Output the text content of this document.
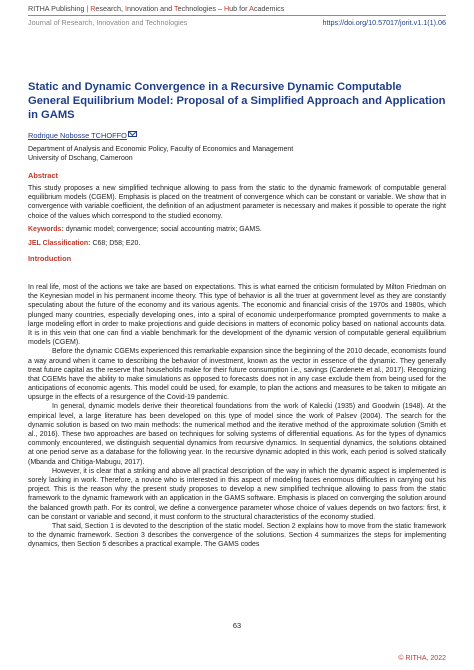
RITHA Publishing | Research, Innovation and Technologies – Hub for Academics
Journal of Research, Innovation and Technologies	https://doi.org/10.57017/jorit.v1.1(1).06
Static and Dynamic Convergence in a Recursive Dynamic Computable General Equilibrium Model: Proposal of a Simplified Approach and Application in GAMS
Rodrigue Nobosse TCHOFFO
Department of Analysis and Economic Policy, Faculty of Economics and Management
University of Dschang, Cameroon
Abstract
This study proposes a new simplified technique allowing to pass from the static to the dynamic framework of computable general equilibrium models (CGEM). Emphasis is placed on the treatment of convergence which can be constant or variable. We show that in convergence with variable coefficient, the definition of an adjustment parameter is necessary and makes it possible to operate the right choice of the values which correspond to the studied economy.
Keywords: dynamic model; convergence; social accounting matrix; GAMS.
JEL Classification: C68; D58; E20.
Introduction

In real life, most of the actions we take are based on expectations. This is what earned the criticism formulated by Milton Friedman on the Keynesian model in his permanent income theory. This type of behavior is all the truer at government level as they are constantly speculating about the future of the economy and its various agents. The economic and financial crisis of the 1970s and 1980s, which plunged many countries, especially developing ones, into a spiral of economic underperformance prompted governments to make a large modeling effort in order to make projections and guide decisions in matters of economic policy based on national accounts data. It is in this vein that one can find a viable benchmark for the development of the dynamic version of computable general equilibrium models (CGEM).

Before the dynamic CGEMs experienced this remarkable expansion since the beginning of the 2010 decade, economists found a way around when it came to describing the behavior of investment, known as the vector in essence of the dynamic. They generally treat future capital as the reserve that households make for their future consumption i.e., savings (Cardenete et al., 2017). Recognizing that CGEMs have the ability to make simulations as opposed to forecasts does not in any case exclude them from being used for the anticipations of economic agents. This model could be used, for example, to plan the actions and measures to be taken to mitigate an upsurge in the effects of a resurgence of the Covid-19 pandemic.

In general, dynamic models derive their theoretical foundations from the work of Kalecki (1935) and Goodwin (1948). At the empirical level, a large literature has been developed on this type of model since the work of Palsev (2004). The search for the dynamic solution is based on two main methods: the numerical method and the iterative method of the approximate solution (Smith et al., 2016). These two approaches are based on techniques for solving systems of differential equations. As for the types of dynamics commonly encountered, we distinguish sequential dynamics from recursive dynamics. In sequential dynamics, the solutions obtained at one period serve as a database for the following year. In the recursive dynamic adopted in this work, each period is solved statically (Mbanda and Chitiga-Mabugu, 2017).

However, it is clear that a striking and above all practical description of the way in which the dynamic aspect is implemented is sorely lacking in work. Therefore, a novice who is interested in this aspect of modeling faces enormous difficulties in carrying out his project. This is the reason why the present study proposes to develop a new simplified technique allowing to pass from the static framework to the dynamic framework with an application in the GAMS software. Emphasis is placed on converging the solution around the balanced growth path. For its control, we define a convergence parameter whose choice of values depends on two factors: first, it can be constant or variable and second, it must conform to the structural characteristics of the economy studied.

That said, Section 1 is devoted to the description of the static model. Section 2 explains how to move from the static framework to the dynamic framework. Section 3 describes the convergence of the solutions. Section 4 summarizes the steps for implementing dynamics, then Section 5 describes a practical example. The GAMS codes

63
© RITHA, 2022
